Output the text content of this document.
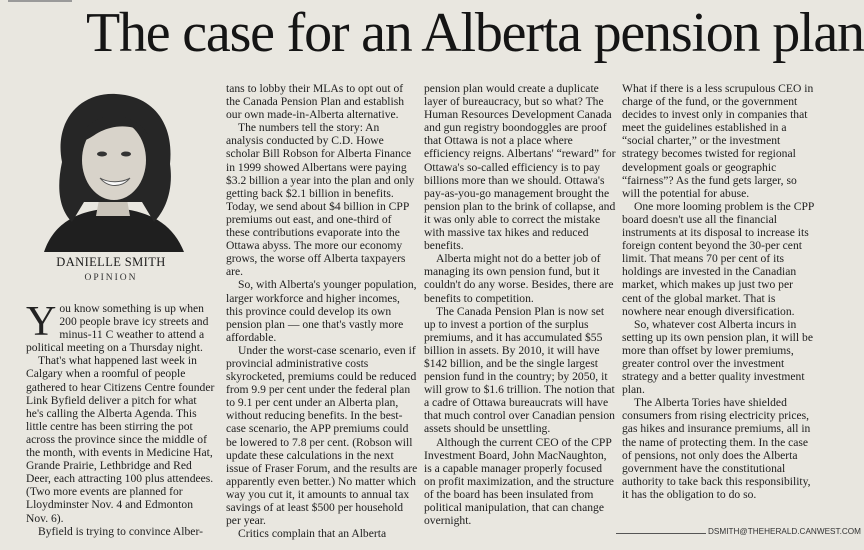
The case for an Alberta pension plan
DANIELLE SMITH
OPINION

You know something is up when 200 people brave icy streets and minus-11 C weather to attend a political meeting on a Thursday night.

That's what happened last week in Calgary when a roomful of people gathered to hear Citizens Centre founder Link Byfield deliver a pitch for what he's calling the Alberta Agenda. This little centre has been stirring the pot across the province since the middle of the month, with events in Medicine Hat, Grande Prairie, Lethbridge and Red Deer, each attracting 100 plus attendees. (Two more events are planned for Lloydminster Nov. 4 and Edmonton Nov. 6).

Byfield is trying to convince Alber-

tans to lobby their MLAs to opt out of the Canada Pension Plan and establish our own made-in-Alberta alternative.

The numbers tell the story: An analysis conducted by C.D. Howe scholar Bill Robson for Alberta Finance in 1999 showed Albertans were paying $3.2 billion a year into the plan and only getting back $2.1 billion in benefits. Today, we send about $4 billion in CPP premiums out east, and one-third of these contributions evaporate into the Ottawa abyss. The more our economy grows, the worse off Alberta taxpayers are.

So, with Alberta's younger population, larger workforce and higher incomes, this province could develop its own pension plan — one that's vastly more affordable.

Under the worst-case scenario, even if provincial administrative costs skyrocketed, premiums could be reduced from 9.9 per cent under the federal plan to 9.1 per cent under an Alberta plan, without reducing benefits. In the best-case scenario, the APP premiums could be lowered to 7.8 per cent. (Robson will update these calculations in the next issue of Fraser Forum, and the results are apparently even better.) No matter which way you cut it, it amounts to annual tax savings of at least $500 per household per year.

Critics complain that an Alberta

pension plan would create a duplicate layer of bureaucracy, but so what? The Human Resources Development Canada and gun registry boondoggles are proof that Ottawa is not a place where efficiency reigns. Albertans' “reward” for Ottawa's so-called efficiency is to pay billions more than we should. Ottawa's pay-as-you-go management brought the pension plan to the brink of collapse, and it was only able to correct the mistake with massive tax hikes and reduced benefits.

Alberta might not do a better job of managing its own pension fund, but it couldn't do any worse. Besides, there are benefits to competition.

The Canada Pension Plan is now set up to invest a portion of the surplus premiums, and it has accumulated $55 billion in assets. By 2010, it will have $142 billion, and be the single largest pension fund in the country; by 2050, it will grow to $1.6 trillion. The notion that a cadre of Ottawa bureaucrats will have that much control over Canadian pension assets should be unsettling.

Although the current CEO of the CPP Investment Board, John MacNaughton, is a capable manager properly focused on profit maximization, and the structure of the board has been insulated from political manipulation, that can change overnight.

What if there is a less scrupulous CEO in charge of the fund, or the government decides to invest only in companies that meet the guidelines established in a “social charter,” or the investment strategy becomes twisted for regional development goals or geographic “fairness”? As the fund gets larger, so will the potential for abuse.

One more looming problem is the CPP board doesn't use all the financial instruments at its disposal to increase its foreign content beyond the 30-per cent limit. That means 70 per cent of its holdings are invested in the Canadian market, which makes up just two per cent of the global market. That is nowhere near enough diversification.

So, whatever cost Alberta incurs in setting up its own pension plan, it will be more than offset by lower premiums, greater control over the investment strategy and a better quality investment plan.

The Alberta Tories have shielded consumers from rising electricity prices, gas hikes and insurance premiums, all in the name of protecting them. In the case of pensions, not only does the Alberta government have the constitutional authority to take back this responsibility, it has the obligation to do so.

DSMITH@THEHERALD.CANWEST.COM
